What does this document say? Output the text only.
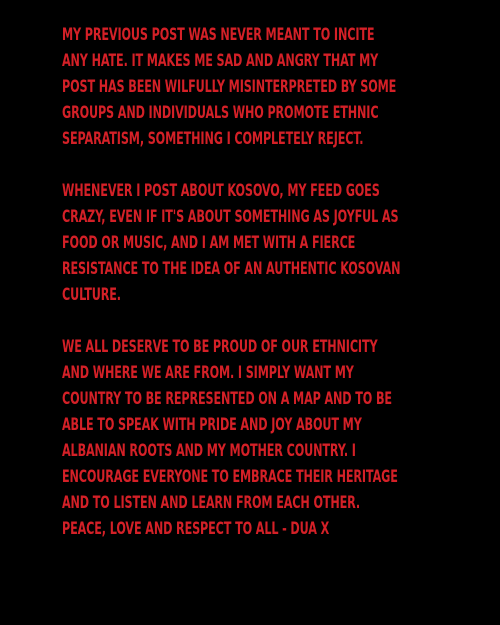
MY PREVIOUS POST WAS NEVER MEANT TO INCITE
ANY HATE. IT MAKES ME SAD AND ANGRY THAT MY
POST HAS BEEN WILFULLY MISINTERPRETED BY SOME
GROUPS AND INDIVIDUALS WHO PROMOTE ETHNIC
SEPARATISM, SOMETHING I COMPLETELY REJECT.
WHENEVER I POST ABOUT KOSOVO, MY FEED GOES
CRAZY, EVEN IF IT'S ABOUT SOMETHING AS JOYFUL AS
FOOD OR MUSIC, AND I AM MET WITH A FIERCE
RESISTANCE TO THE IDEA OF AN AUTHENTIC KOSOVAN
CULTURE.
WE ALL DESERVE TO BE PROUD OF OUR ETHNICITY
AND WHERE WE ARE FROM. I SIMPLY WANT MY
COUNTRY TO BE REPRESENTED ON A MAP AND TO BE
ABLE TO SPEAK WITH PRIDE AND JOY ABOUT MY
ALBANIAN ROOTS AND MY MOTHER COUNTRY. I
ENCOURAGE EVERYONE TO EMBRACE THEIR HERITAGE
AND TO LISTEN AND LEARN FROM EACH OTHER.
PEACE, LOVE AND RESPECT TO ALL - DUA X
